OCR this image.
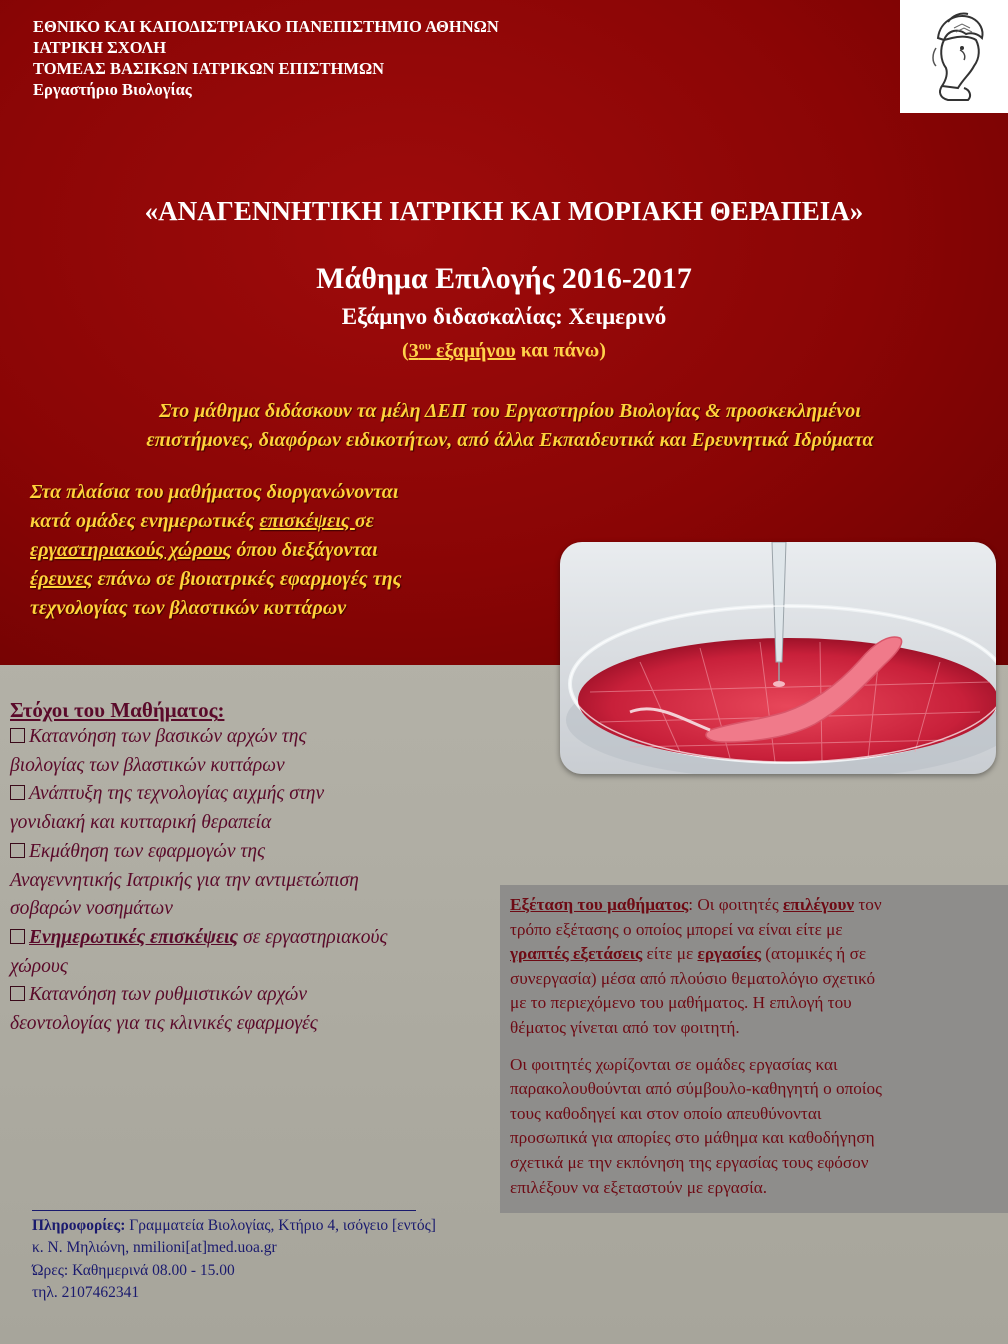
ΕΘΝΙΚΟ ΚΑΙ ΚΑΠΟΔΙΣΤΡΙΑΚΟ ΠΑΝΕΠΙΣΤΗΜΙΟ ΑΘΗΝΩΝ
ΙΑΤΡΙΚΗ ΣΧΟΛΗ
ΤΟΜΕΑΣ ΒΑΣΙΚΩΝ ΙΑΤΡΙΚΩΝ ΕΠΙΣΤΗΜΩΝ
Εργαστήριο Βιολογίας
«ΑΝΑΓΕΝΝΗΤΙΚΗ ΙΑΤΡΙΚΗ ΚΑΙ ΜΟΡΙΑΚΗ ΘΕΡΑΠΕΙΑ»
Μάθημα Επιλογής 2016-2017
Εξάμηνο διδασκαλίας: Χειμερινό
($3^{o\upsilon}$ εξαμήνου και πάνω)
Στο μάθημα διδάσκουν τα μέλη ΔΕΠ του Εργαστηρίου Βιολογίας & προσκεκλημένοι
επιστήμονες, διαφόρων ειδικοτήτων, από άλλα Εκπαιδευτικά και Ερευνητικά Ιδρύματα
Στα πλαίσια του μαθήματος διοργανώνονται
κατά ομάδες ενημερωτικές επισκέψεις σε
εργαστηριακούς χώρους όπου διεξάγονται
έρευνες επάνω σε βιοιατρικές εφαρμογές της
τεχνολογίας των βλαστικών κυττάρων
Στόχοι του Μαθήματος:
Κατανόηση των βασικών αρχών της
βιολογίας των βλαστικών κυττάρων
Ανάπτυξη της τεχνολογίας αιχμής στην
γονιδιακή και κυτταρική θεραπεία
Εκμάθηση των εφαρμογών της
Αναγεννητικής Ιατρικής για την αντιμετώπιση
σοβαρών νοσημάτων
Ενημερωτικές επισκέψεις σε εργαστηριακούς
χώρους
Κατανόηση των ρυθμιστικών αρχών
δεοντολογίας για τις κλινικές εφαρμογές

Εξέταση του μαθήματος: Οι φοιτητές επιλέγουν τον
τρόπο εξέτασης ο οποίος μπορεί να είναι είτε με
γραπτές εξετάσεις είτε με εργασίες (ατομικές ή σε
συνεργασία) μέσα από πλούσιο θεματολόγιο σχετικό
με το περιεχόμενο του μαθήματος. Η επιλογή του
θέματος γίνεται από τον φοιτητή.

Οι φοιτητές χωρίζονται σε ομάδες εργασίας και
παρακολουθούνται από σύμβουλο-καθηγητή ο οποίος
τους καθοδηγεί και στον οποίο απευθύνονται
προσωπικά για απορίες στο μάθημα και καθοδήγηση
σχετικά με την εκπόνηση της εργασίας τους εφόσον
επιλέξουν να εξεταστούν με εργασία.

Πληροφορίες: Γραμματεία Βιολογίας, Κτήριο 4, ισόγειο [εντός]
κ. Ν. Μηλιώνη, nmilioni[at]med.uoa.gr
Ώρες: Καθημερινά 08.00 - 15.00
τηλ. 2107462341
